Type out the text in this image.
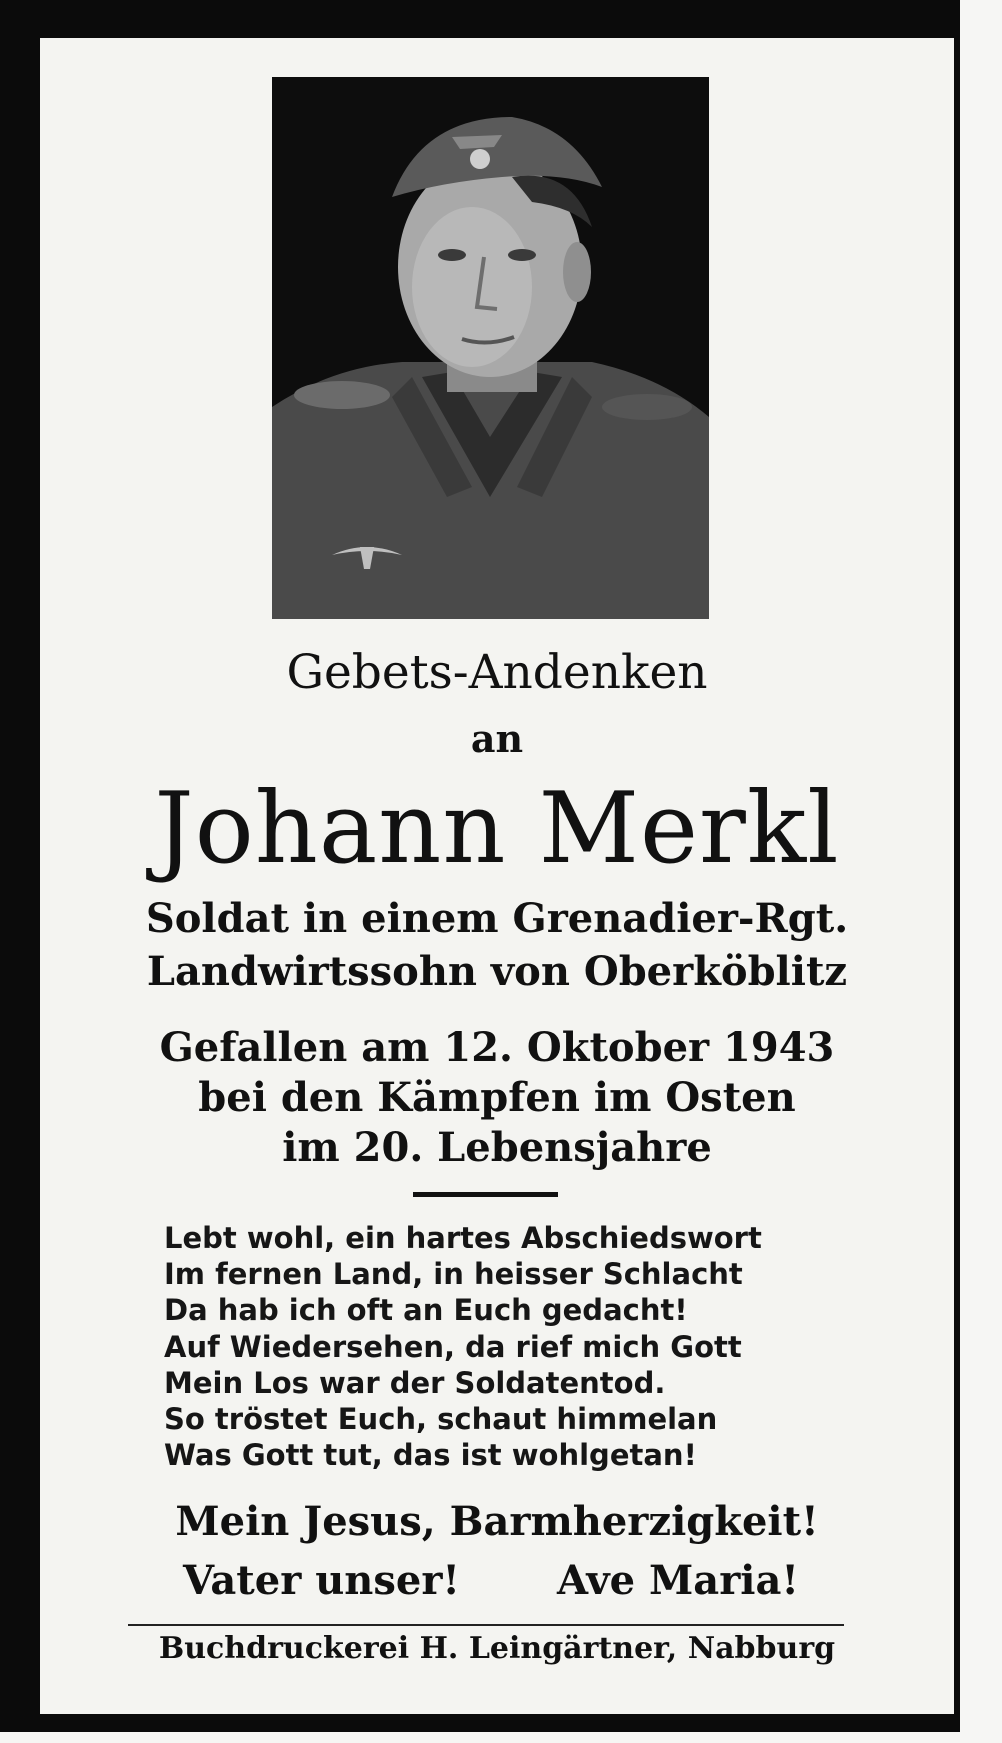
Gebets-Andenken
an
Johann Merkl
Soldat in einem Grenadier-Rgt.
Landwirtssohn von Oberköblitz
Gefallen am 12. Oktober 1943
bei den Kämpfen im Osten
im 20. Lebensjahre
Lebt wohl, ein hartes Abschiedswort
Im fernen Land, in heisser Schlacht
Da hab ich oft an Euch gedacht!
Auf Wiedersehen, da rief mich Gott
Mein Los war der Soldatentod.
So tröstet Euch, schaut himmelan
Was Gott tut, das ist wohlgetan!
Mein Jesus, Barmherzigkeit!
Vater unser! Ave Maria!
Buchdruckerei H. Leingärtner, Nabburg
